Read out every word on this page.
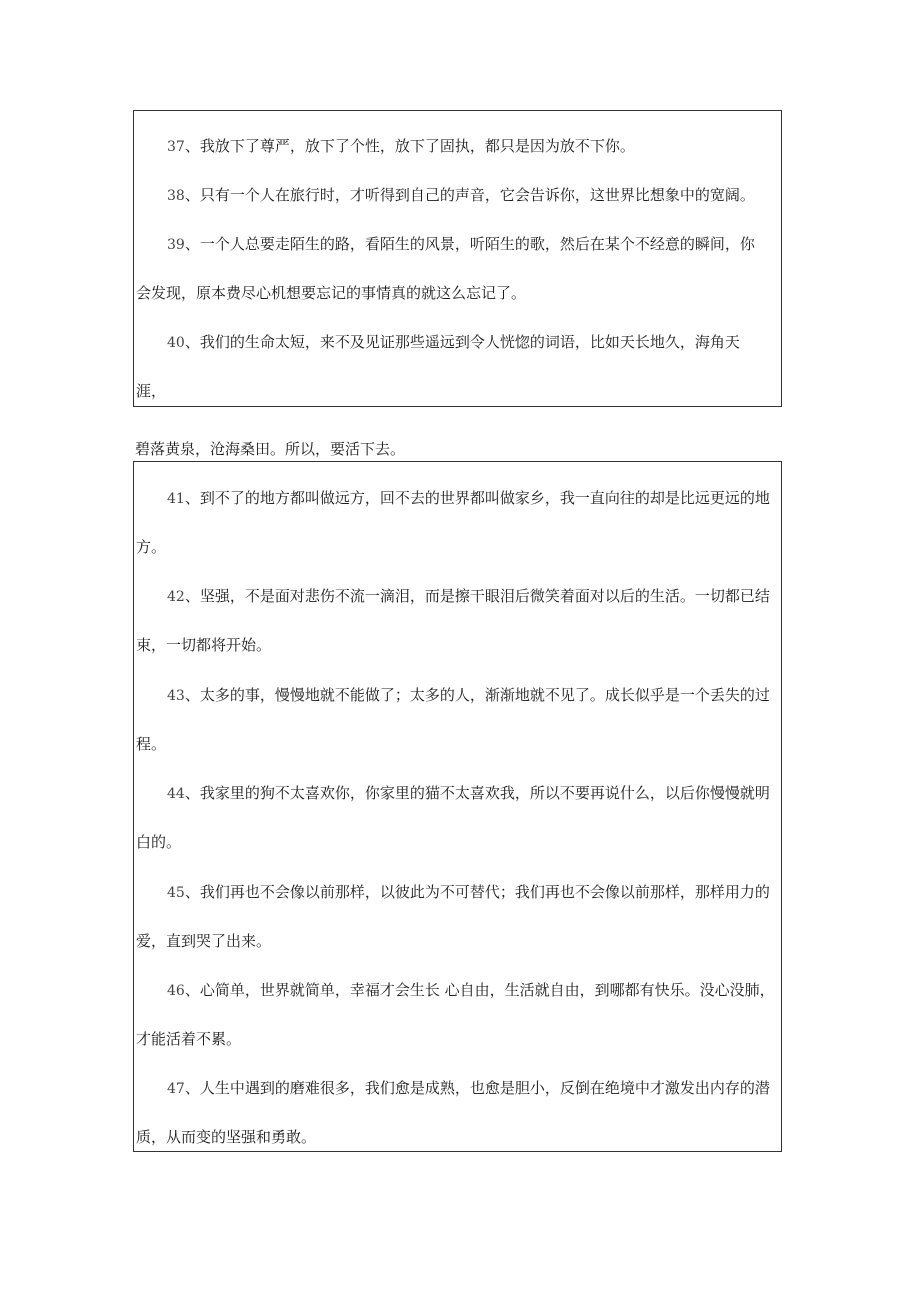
37、我放下了尊严，放下了个性，放下了固执，都只是因为放不下你。
38、只有一个人在旅行时，才听得到自己的声音，它会告诉你，这世界比想象中的宽阔。
39、一个人总要走陌生的路，看陌生的风景，听陌生的歌，然后在某个不经意的瞬间，你
会发现，原本费尽心机想要忘记的事情真的就这么忘记了。
40、我们的生命太短，来不及见证那些遥远到令人恍惚的词语，比如天长地久，海角天
涯，
碧落黄泉，沧海桑田。所以，要活下去。
41、到不了的地方都叫做远方，回不去的世界都叫做家乡，我一直向往的却是比远更远的地
方。
42、坚强，不是面对悲伤不流一滴泪，而是擦干眼泪后微笑着面对以后的生活。一切都已结
束，一切都将开始。
43、太多的事，慢慢地就不能做了；太多的人，渐渐地就不见了。成长似乎是一个丢失的过
程。
44、我家里的狗不太喜欢你，你家里的猫不太喜欢我，所以不要再说什么，以后你慢慢就明
白的。
45、我们再也不会像以前那样，以彼此为不可替代；我们再也不会像以前那样，那样用力的
爱，直到哭了出来。
46、心简单，世界就简单，幸福才会生长 心自由，生活就自由，到哪都有快乐。没心没肺，
才能活着不累。
47、人生中遇到的磨难很多，我们愈是成熟，也愈是胆小，反倒在绝境中才激发出内存的潜
质，从而变的坚强和勇敢。
